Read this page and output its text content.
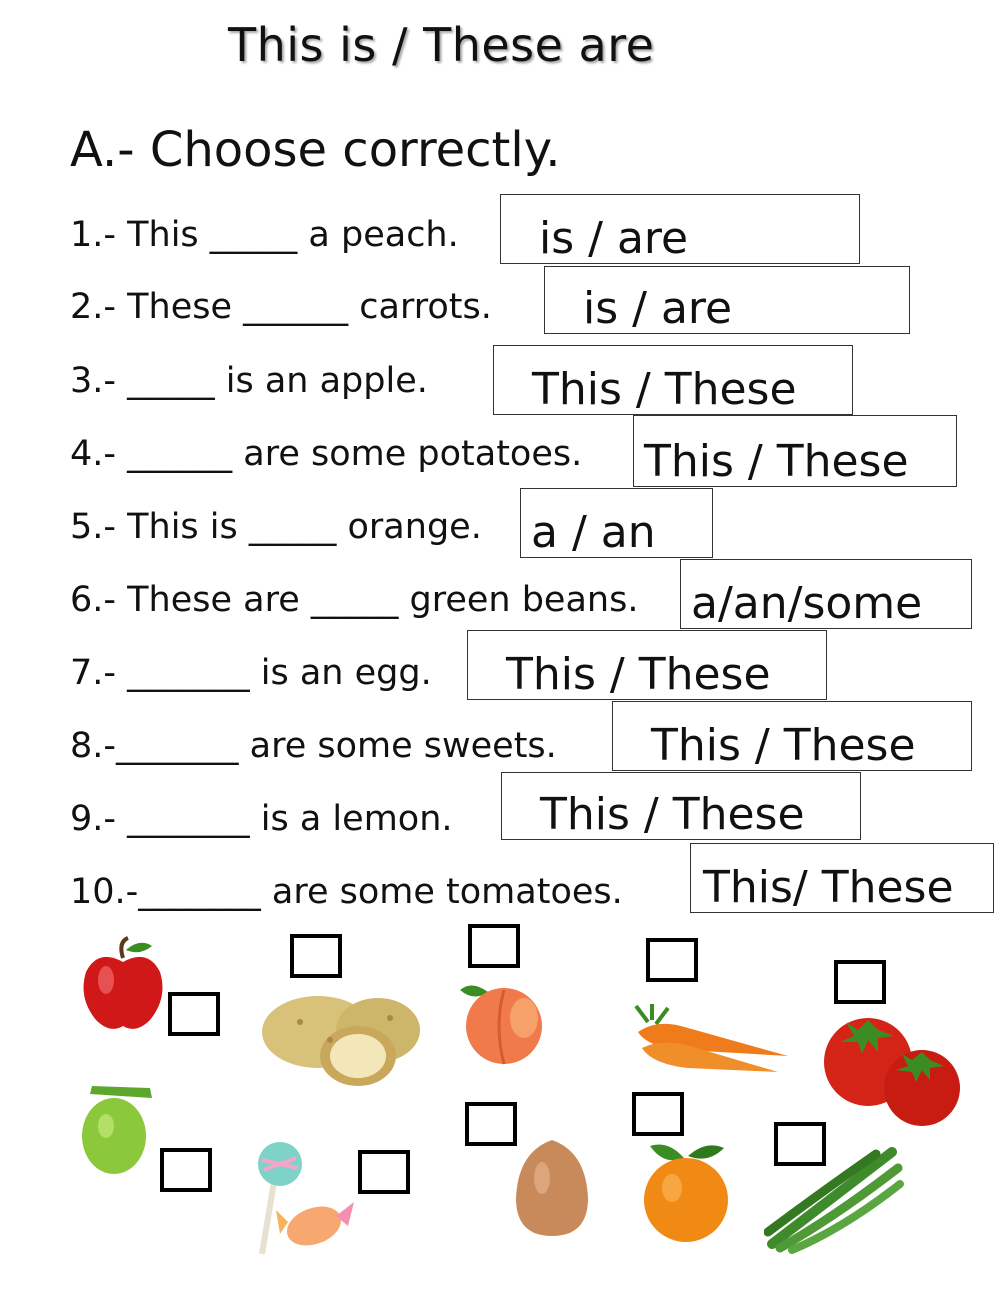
This is / These are
A.- Choose correctly.
1.- This _____ a peach.
2.- These ______ carrots.
3.- _____ is an apple.
4.- ______ are some potatoes.
5.- This is _____ orange.
6.- These are _____ green beans.
7.- _______ is an egg.
8.-_______ are some sweets.
9.- _______ is a lemon.
10.-_______ are some tomatoes.
is / are
is / are
This / These
This / These
a / an
a/an/some
This / These
This / These
This / These
This/ These
